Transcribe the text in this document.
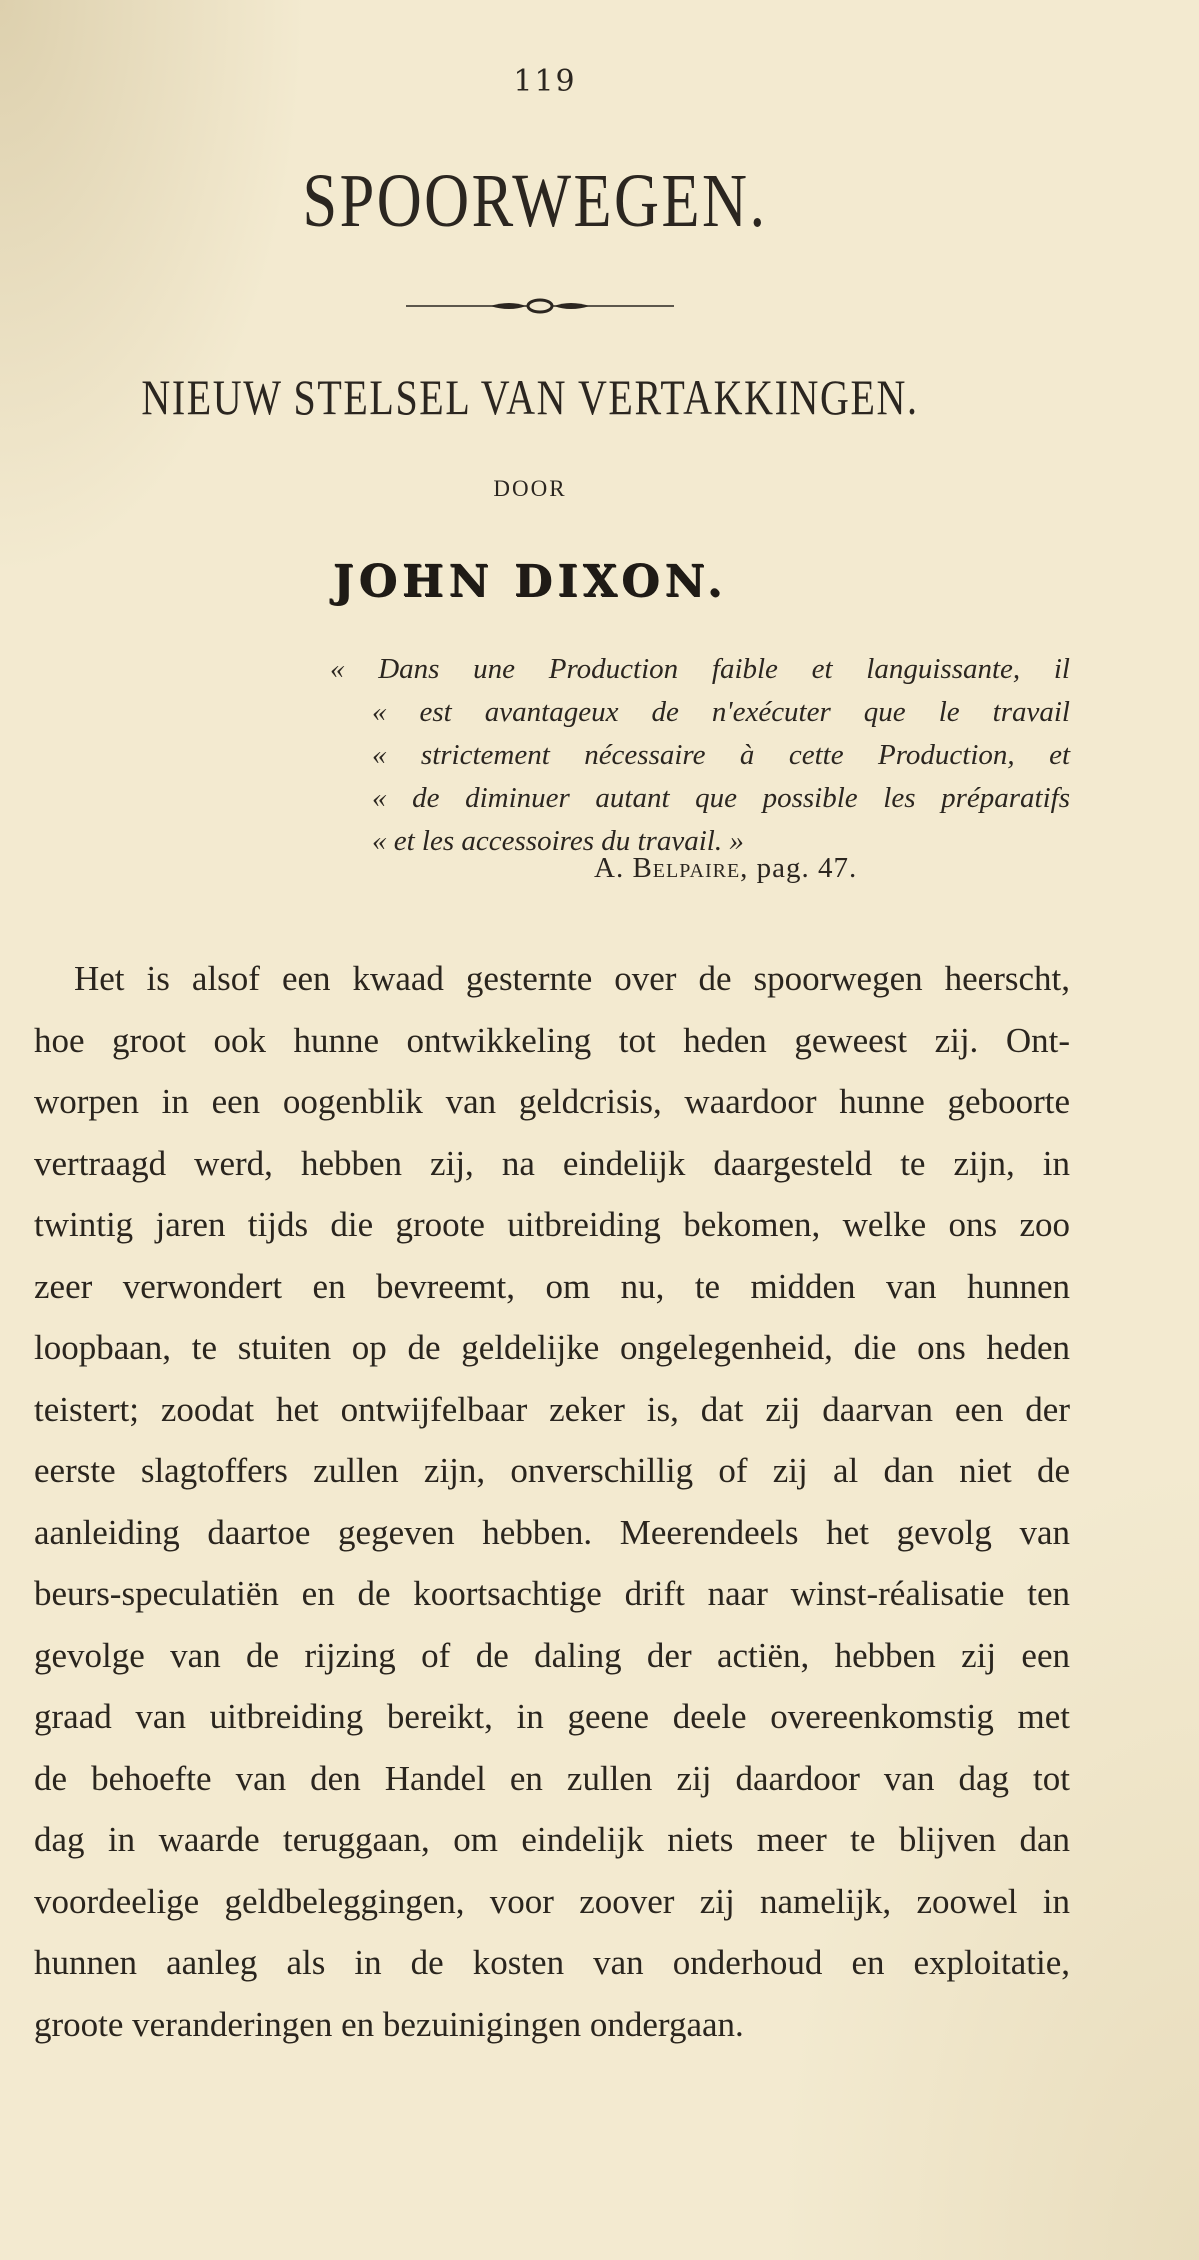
119
SPOORWEGEN.
NIEUW STELSEL VAN VERTAKKINGEN.
DOOR
JOHN DIXON.
« Dans une Production faible et languissante, il
« est avantageux de n'exécuter que le travail
« strictement nécessaire à cette Production, et
« de diminuer autant que possible les préparatifs
« et les accessoires du travail. »
A. Belpaire, pag. 47.
Het is alsof een kwaad gesternte over de spoorwegen heerscht,
hoe groot ook hunne ontwikkeling tot heden geweest zij. Ont-
worpen in een oogenblik van geldcrisis, waardoor hunne geboorte
vertraagd werd, hebben zij, na eindelijk daargesteld te zijn, in
twintig jaren tijds die groote uitbreiding bekomen, welke ons zoo
zeer verwondert en bevreemt, om nu, te midden van hunnen
loopbaan, te stuiten op de geldelijke ongelegenheid, die ons heden
teistert; zoodat het ontwijfelbaar zeker is, dat zij daarvan een der
eerste slagtoffers zullen zijn, onverschillig of zij al dan niet de
aanleiding daartoe gegeven hebben. Meerendeels het gevolg van
beurs-speculatiën en de koortsachtige drift naar winst-réalisatie ten
gevolge van de rijzing of de daling der actiën, hebben zij een
graad van uitbreiding bereikt, in geene deele overeenkomstig met
de behoefte van den Handel en zullen zij daardoor van dag tot
dag in waarde teruggaan, om eindelijk niets meer te blijven dan
voordeelige geldbeleggingen, voor zoover zij namelijk, zoowel in
hunnen aanleg als in de kosten van onderhoud en exploitatie,
groote veranderingen en bezuinigingen ondergaan.
